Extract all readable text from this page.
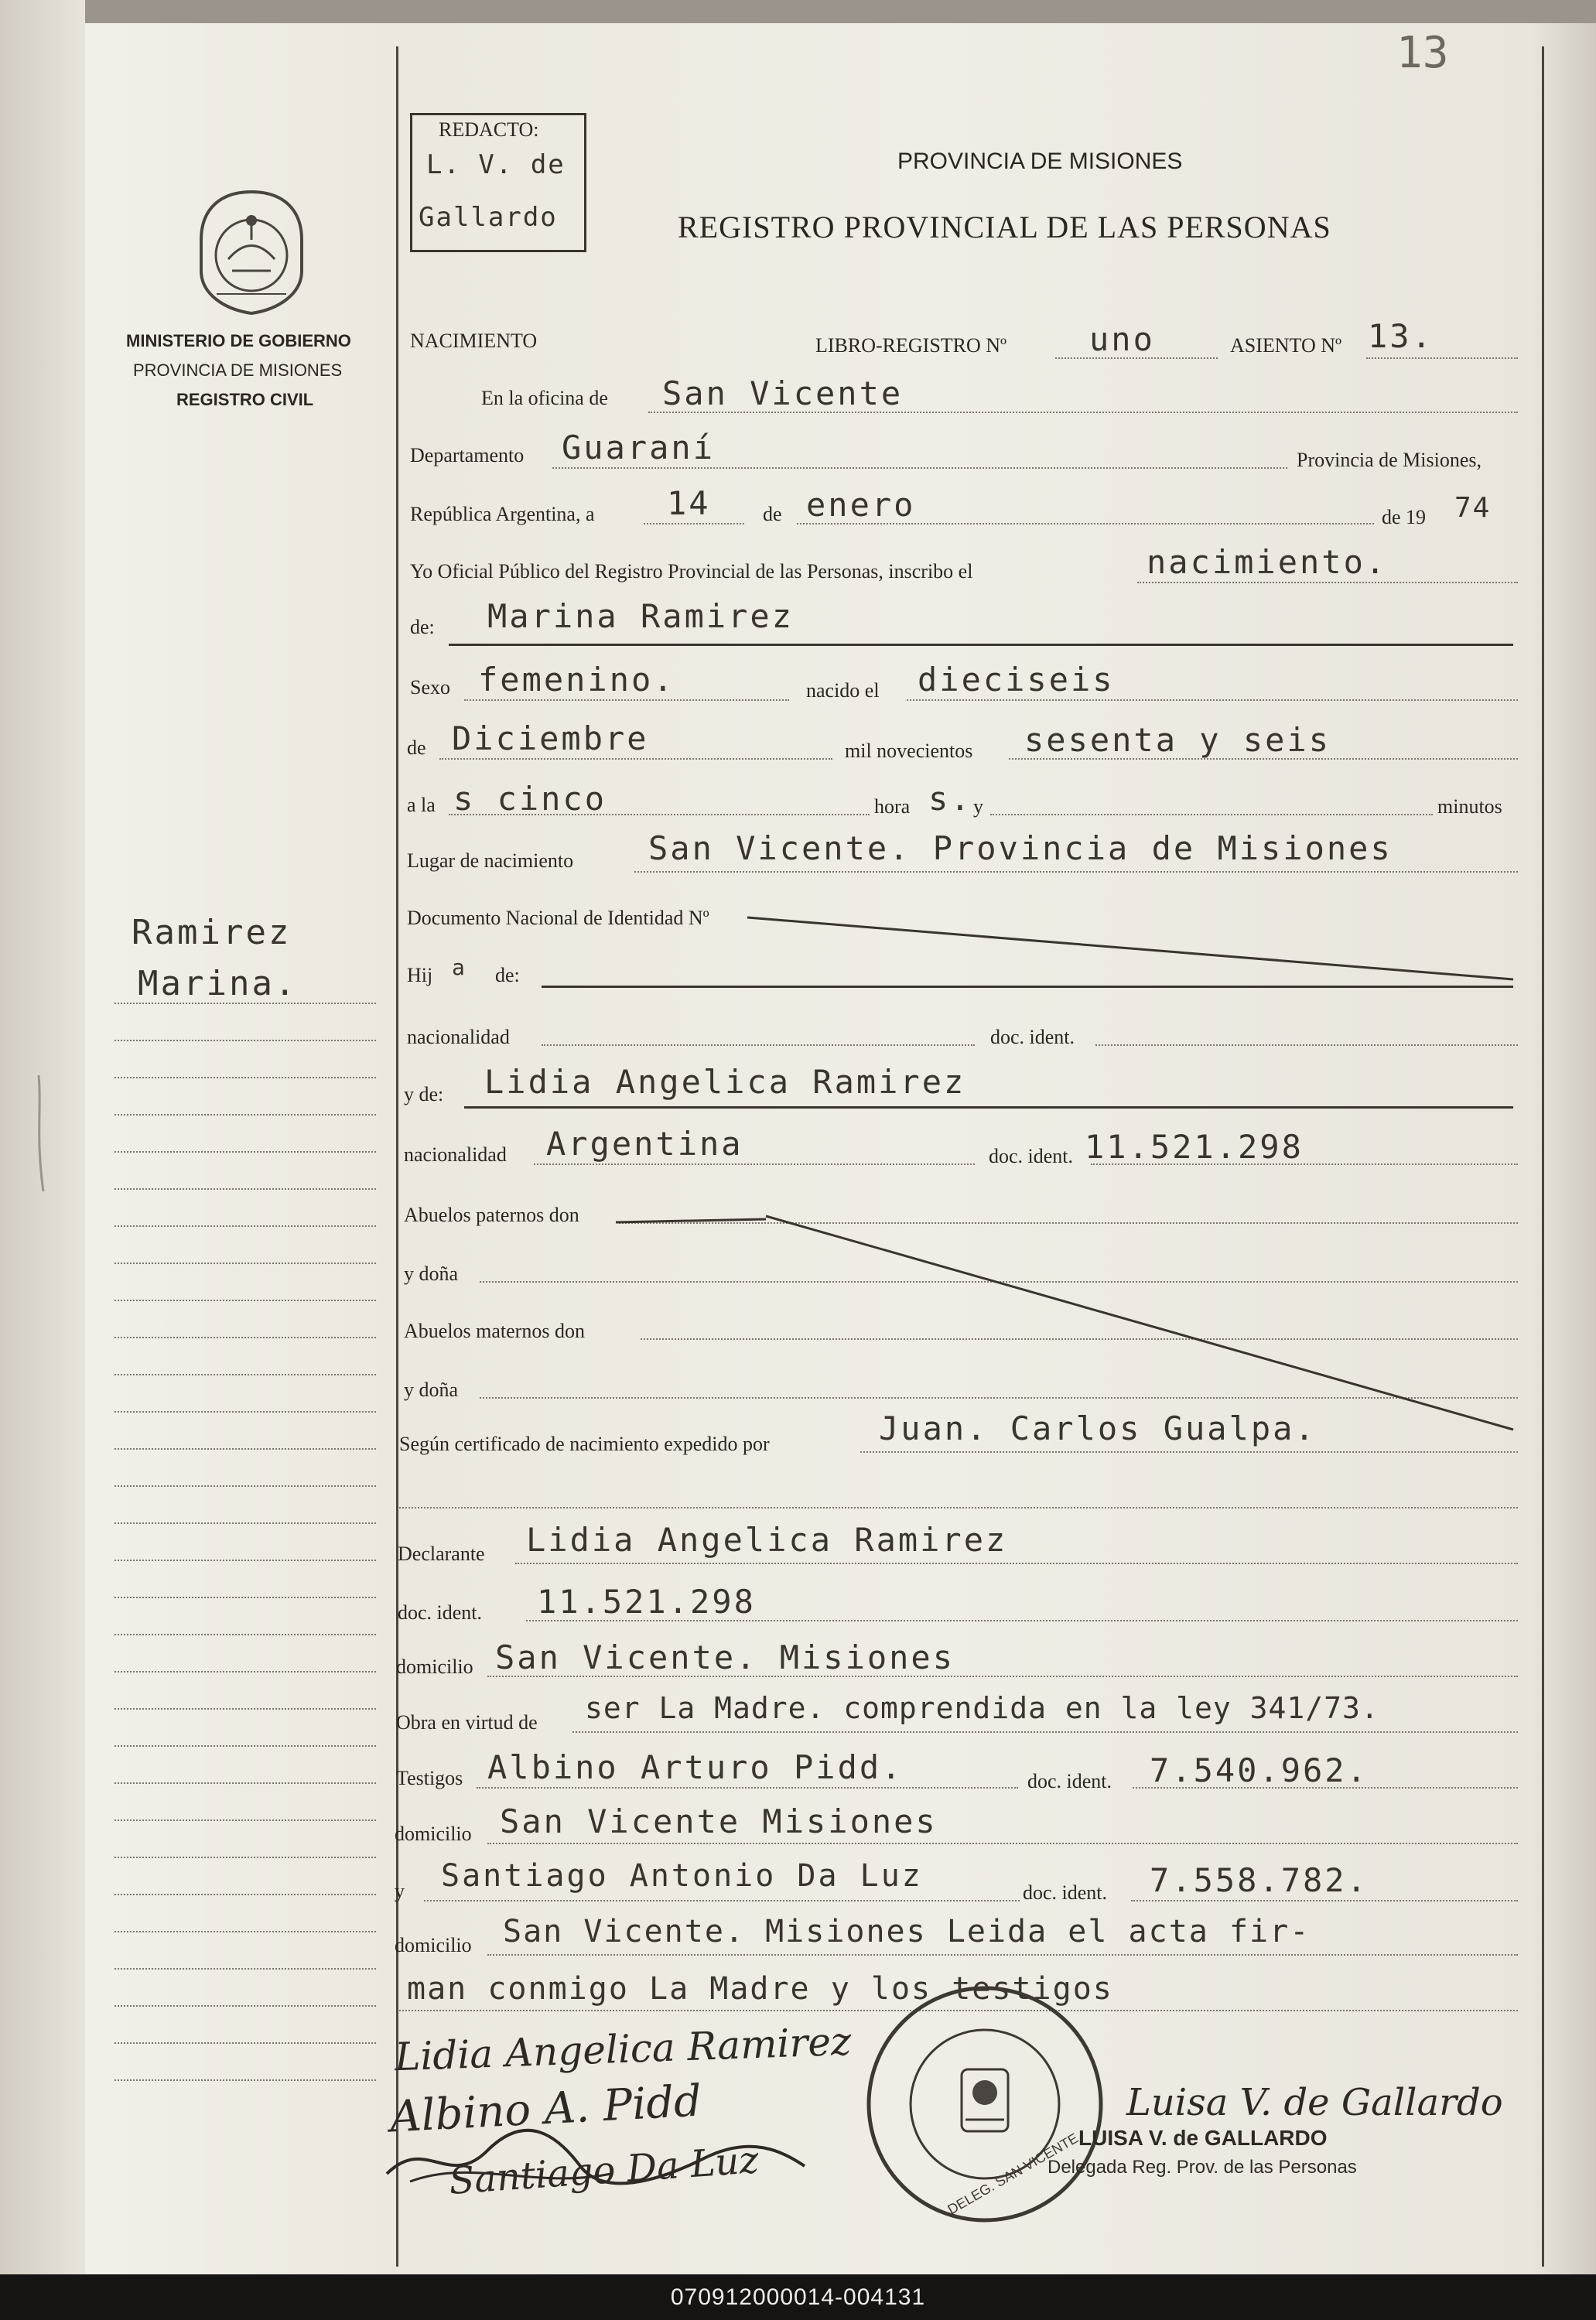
13
REDACTO:
L. V. de
Gallardo
MINISTERIO DE GOBIERNO
PROVINCIA DE MISIONES
REGISTRO CIVIL
PROVINCIA DE MISIONES
REGISTRO PROVINCIAL DE LAS PERSONAS
Ramirez
Marina.
NACIMIENTO	LIBRO-REGISTRO Nº	uno	ASIENTO Nº 13.
En la oficina de San Vicente
Departamento Guaraní	Provincia de Misiones,
República Argentina, a 14	de enero	de 19 74
Yo Oficial Público del Registro Provincial de las Personas, inscribo el	nacimiento.
de: Marina Ramirez
Sexo femenino.	nacido el dieciseis
de Diciembre	mil novecientos sesenta y seis
a la s cinco	hora s. y	minutos
Lugar de nacimiento San Vicente. Provincia de Misiones
Documento Nacional de Identidad Nº
Hij a de:
nacionalidad	doc. ident.
y de: Lidia Angelica Ramirez
nacionalidad Argentina	doc. ident. 11.521.298
Abuelos paternos don
y doña
Abuelos maternos don
y doña
Según certificado de nacimiento expedido por	Juan. Carlos Gualpa.
Declarante Lidia Angelica Ramirez
doc. ident. 11.521.298
domicilio San Vicente. Misiones
Obra en virtud de ser La Madre. comprendida en la ley 341/73.
Testigos Albino Arturo Pidd.	doc. ident. 7.540.962.
domicilio San Vicente Misiones
y Santiago Antonio Da Luz	doc. ident. 7.558.782.
domicilio San Vicente. Misiones Leida el acta fir-
man conmigo La Madre y los testigos
Lidia Angelica Ramirez
Albino A. Pidd
Santiago Da Luz	DELEG. SAN VICENTE
Luisa V. de Gallardo
LUISA V. de GALLARDO
Delegada Reg. Prov. de las Personas
070912000014-004131
